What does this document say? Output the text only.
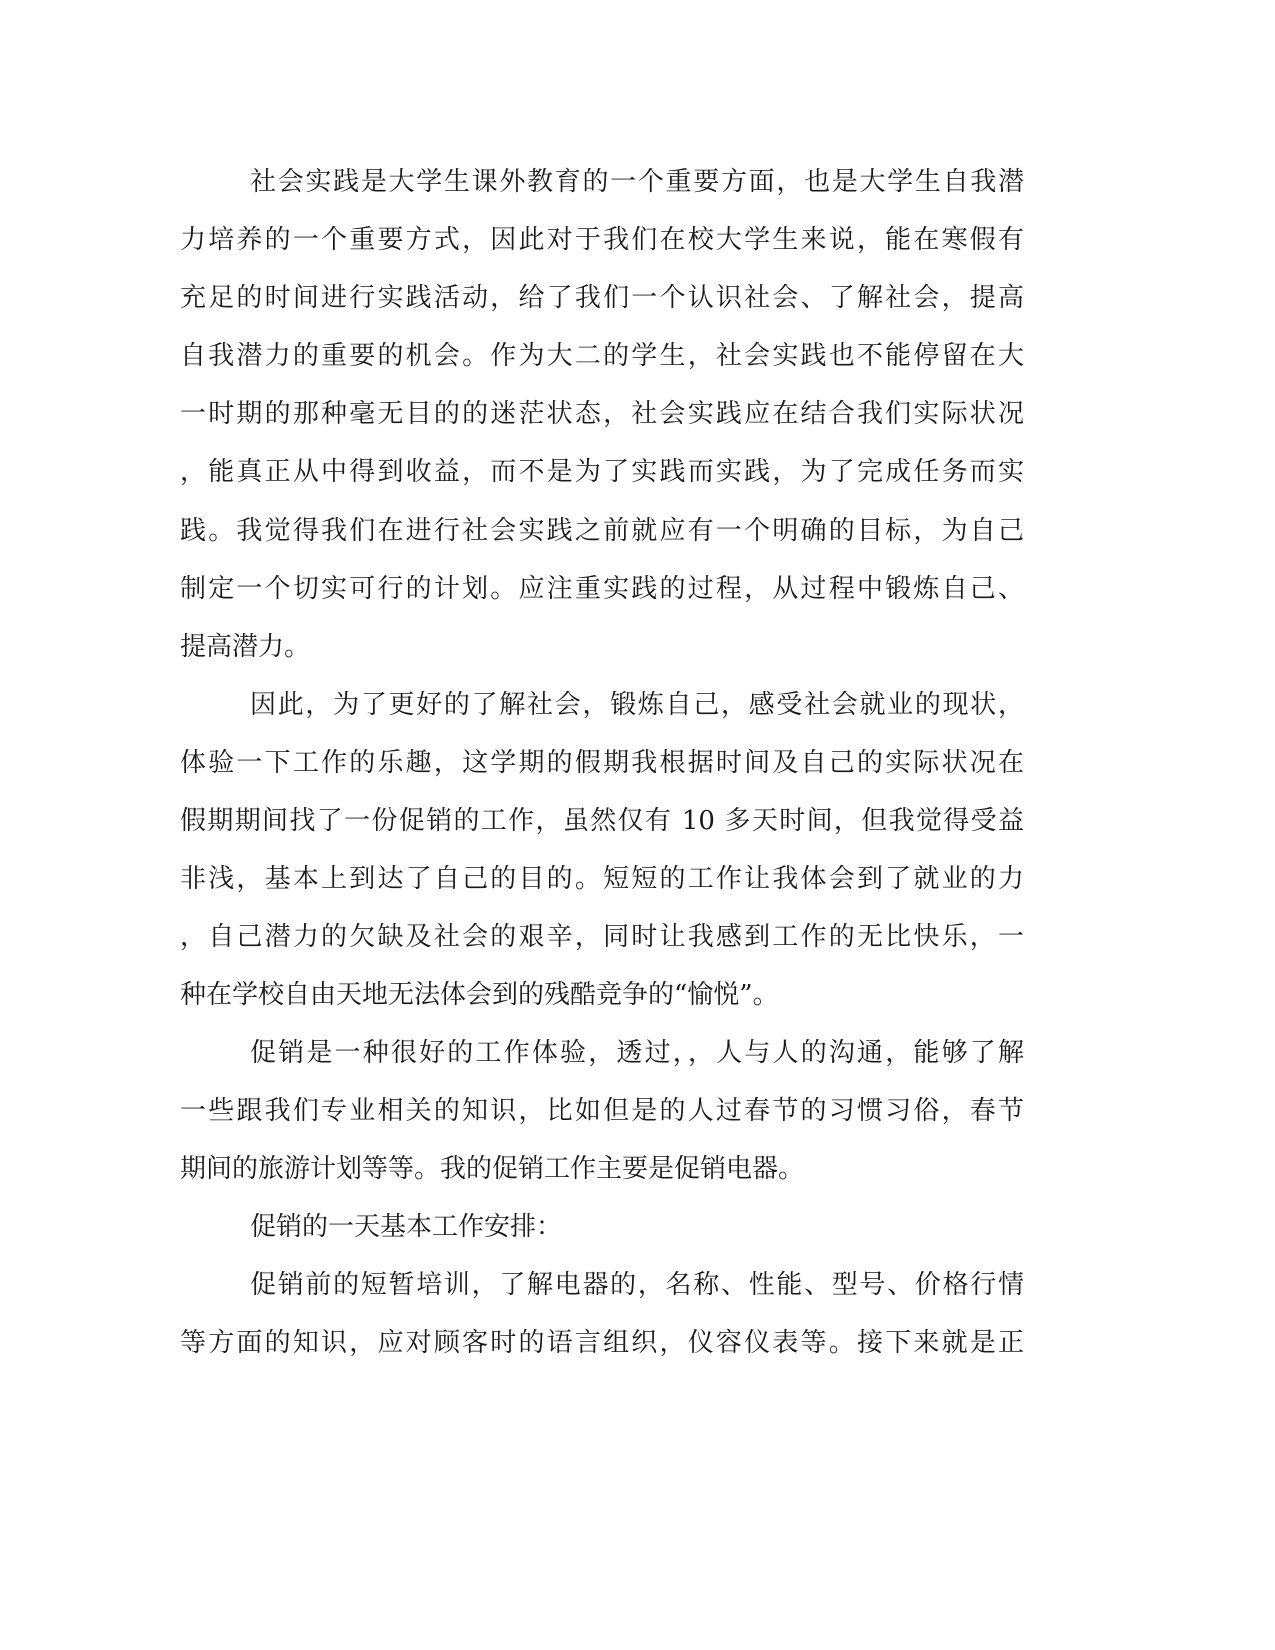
社会实践是大学生课外教育的一个重要方面，也是大学生自我潜
力培养的一个重要方式，因此对于我们在校大学生来说，能在寒假有
充足的时间进行实践活动，给了我们一个认识社会、了解社会，提高
自我潜力的重要的机会。作为大二的学生，社会实践也不能停留在大
一时期的那种毫无目的的迷茫状态，社会实践应在结合我们实际状况
，能真正从中得到收益，而不是为了实践而实践，为了完成任务而实
践。我觉得我们在进行社会实践之前就应有一个明确的目标，为自己
制定一个切实可行的计划。应注重实践的过程，从过程中锻炼自己、
提高潜力。
因此，为了更好的了解社会，锻炼自己，感受社会就业的现状，
体验一下工作的乐趣，这学期的假期我根据时间及自己的实际状况在
假期期间找了一份促销的工作，虽然仅有 10 多天时间，但我觉得受益
非浅，基本上到达了自己的目的。短短的工作让我体会到了就业的力
，自己潜力的欠缺及社会的艰辛，同时让我感到工作的无比快乐，一
种在学校自由天地无法体会到的残酷竞争的“愉悦”。
促销是一种很好的工作体验，透过，，人与人的沟通，能够了解
一些跟我们专业相关的知识，比如但是的人过春节的习惯习俗，春节
期间的旅游计划等等。我的促销工作主要是促销电器。
促销的一天基本工作安排：
促销前的短暂培训，了解电器的，名称、性能、型号、价格行情
等方面的知识，应对顾客时的语言组织，仪容仪表等。接下来就是正
